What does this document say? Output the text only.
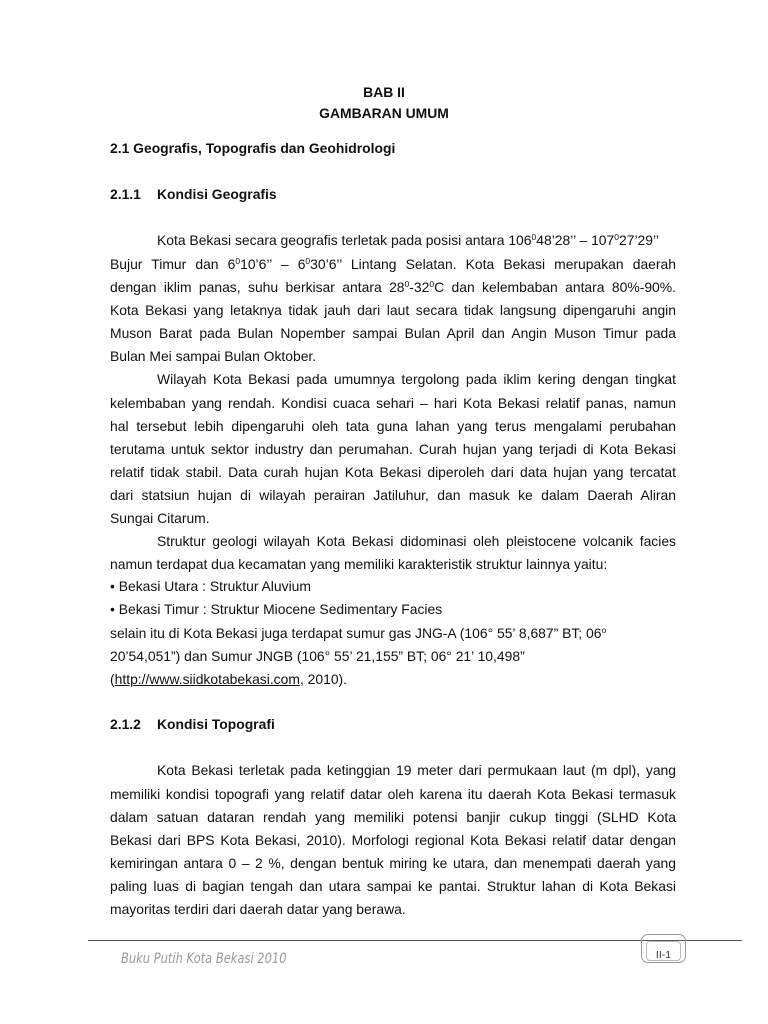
BAB II
GAMBARAN UMUM
2.1 Geografis, Topografis dan Geohidrologi
2.1.1 Kondisi Geografis
Kota Bekasi secara geografis terletak pada posisi antara $106^048’28$’’ – $107^027’29$’’
Bujur Timur dan $6^010’6$’’ – $6^030’6$’’ Lintang Selatan. Kota Bekasi merupakan daerah
dengan iklim panas, suhu berkisar antara $28^0-32^0C$ dan kelembaban antara 80%-90%.
Kota Bekasi yang letaknya tidak jauh dari laut secara tidak langsung dipengaruhi angin
Muson Barat pada Bulan Nopember sampai Bulan April dan Angin Muson Timur pada
Bulan Mei sampai Bulan Oktober.
Wilayah Kota Bekasi pada umumnya tergolong pada iklim kering dengan tingkat
kelembaban yang rendah. Kondisi cuaca sehari – hari Kota Bekasi relatif panas, namun
hal tersebut lebih dipengaruhi oleh tata guna lahan yang terus mengalami perubahan
terutama untuk sektor industry dan perumahan. Curah hujan yang terjadi di Kota Bekasi
relatif tidak stabil. Data curah hujan Kota Bekasi diperoleh dari data hujan yang tercatat
dari statsiun hujan di wilayah perairan Jatiluhur, dan masuk ke dalam Daerah Aliran
Sungai Citarum.
Struktur geologi wilayah Kota Bekasi didominasi oleh pleistocene volcanik facies
namun terdapat dua kecamatan yang memiliki karakteristik struktur lainnya yaitu:
• Bekasi Utara : Struktur Aluvium
• Bekasi Timur : Struktur Miocene Sedimentary Facies
selain itu di Kota Bekasi juga terdapat sumur gas JNG-A (106° 55’ 8,687” BT; 06$^o$
20’54,051”) dan Sumur JNGB (106° 55’ 21,155” BT; 06° 21’ 10,498”
(http://www.siidkotabekasi.com, 2010).
2.1.2 Kondisi Topografi
Kota Bekasi terletak pada ketinggian 19 meter dari permukaan laut (m dpl), yang
memiliki kondisi topografi yang relatif datar oleh karena itu daerah Kota Bekasi termasuk
dalam satuan dataran rendah yang memiliki potensi banjir cukup tinggi (SLHD Kota
Bekasi dari BPS Kota Bekasi, 2010). Morfologi regional Kota Bekasi relatif datar dengan
kemiringan antara 0 – 2 %, dengan bentuk miring ke utara, dan menempati daerah yang
paling luas di bagian tengah dan utara sampai ke pantai. Struktur lahan di Kota Bekasi
mayoritas terdiri dari daerah datar yang berawa.
Buku Putih Kota Bekasi 2010	II-1
